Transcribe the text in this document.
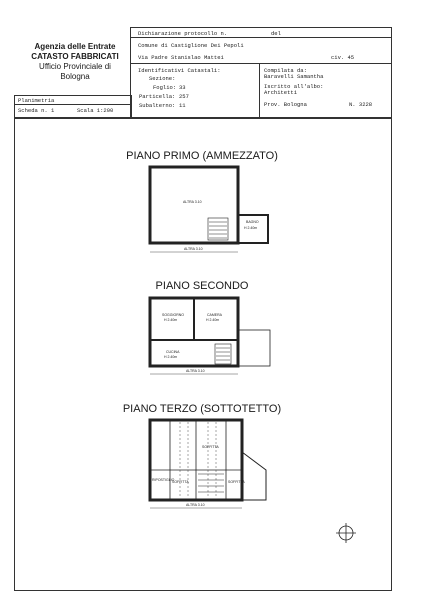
Agenzia delle Entrate
CATASTO FABBRICATI
Ufficio Provinciale di
Bologna
Dichiarazione protocollo n.	del
Comune di Castiglione Dei Pepoli
Via Padre Stanislao Mattei	civ. 45
Identificativi Catastali:
Sezione:
Foglio: 33
Particella: 257
Subalterno: 11
Compilata da:
Baravelli Samantha
Iscritto all'albo:
Architetti
Prov. Bologna	N. 3228
Planimetria
Scheda n. 1	Scala 1:200
PIANO PRIMO (AMMEZZATO)
PIANO SECONDO
PIANO TERZO (SOTTOTETTO)
ALTRA 3.10
BAGNO
H 2.40m
ALTRA 3.10
SOGGIORNO
H 2.40m
CAMERA
H 2.40m
CUCINA
H 2.40m
ALTRA 3.10
SOFFITTA
SOFFITTA
RIPOSTIGLIO	SOFFITTA
ALTRA 3.10
